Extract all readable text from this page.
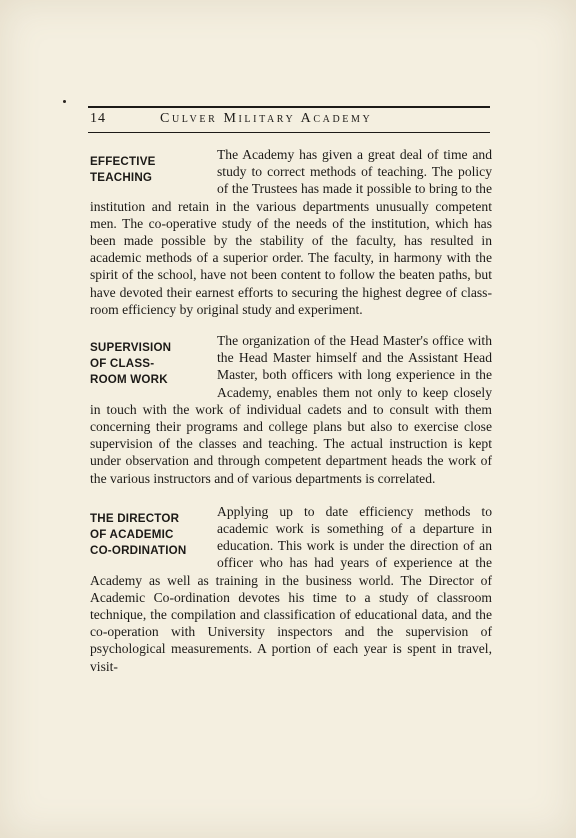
14	Culver Military Academy
EFFECTIVE
TEACHING

The Academy has given a great deal of time and study to correct methods of teaching. The policy of the Trustees has made it possible to bring to the institution and retain in the various departments unusually competent men. The co-operative study of the needs of the institution, which has been made possible by the stability of the faculty, has resulted in academic methods of a superior order. The faculty, in harmony with the spirit of the school, have not been content to follow the beaten paths, but have devoted their earnest efforts to securing the highest degree of class-room efficiency by original study and experiment.

SUPERVISION
OF CLASS-
ROOM WORK

The organization of the Head Master's office with the Head Master himself and the Assistant Head Master, both officers with long experience in the Academy, enables them not only to keep closely in touch with the work of individual cadets and to consult with them concerning their programs and college plans but also to exercise close supervision of the classes and teaching. The actual instruction is kept under observation and through competent department heads the work of the various instructors and of various departments is correlated.

THE DIRECTOR
OF ACADEMIC
CO-ORDINATION

Applying up to date efficiency methods to academic work is something of a departure in education. This work is under the direction of an officer who has had years of experience at the Academy as well as training in the business world. The Director of Academic Co-ordination devotes his time to a study of classroom technique, the compilation and classification of educational data, and the co-operation with University inspectors and the supervision of psychological measurements. A portion of each year is spent in travel, visit-
